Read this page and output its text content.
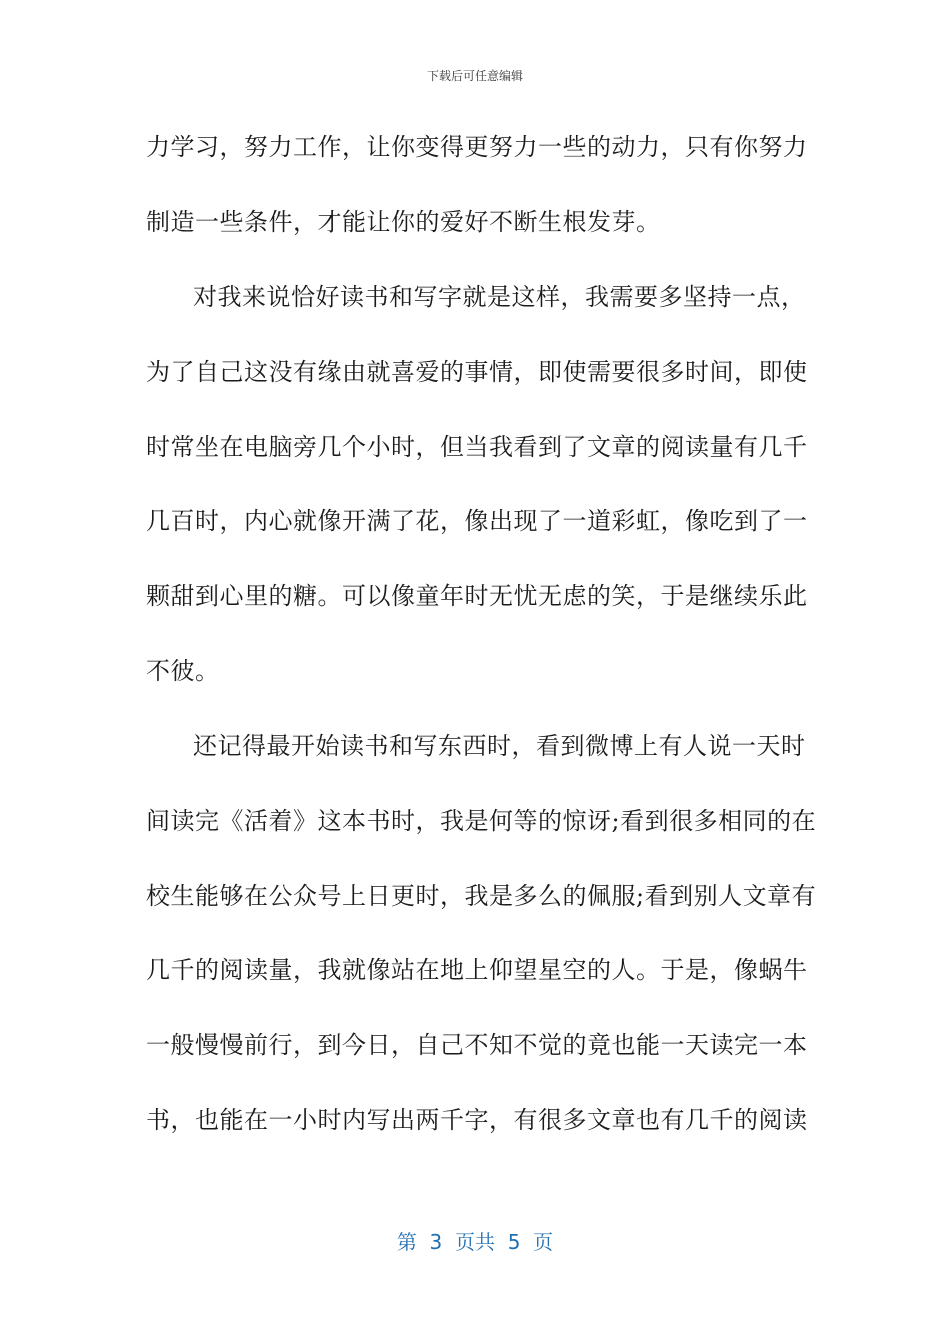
下载后可任意编辑
力学习，努力工作，让你变得更努力一些的动力，只有你努力
制造一些条件，才能让你的爱好不断生根发芽。
对我来说恰好读书和写字就是这样，我需要多坚持一点，
为了自己这没有缘由就喜爱的事情，即使需要很多时间，即使
时常坐在电脑旁几个小时，但当我看到了文章的阅读量有几千
几百时，内心就像开满了花，像出现了一道彩虹，像吃到了一
颗甜到心里的糖。可以像童年时无忧无虑的笑，于是继续乐此
不彼。
还记得最开始读书和写东西时，看到微博上有人说一天时
间读完《活着》这本书时，我是何等的惊讶;看到很多相同的在
校生能够在公众号上日更时，我是多么的佩服;看到别人文章有
几千的阅读量，我就像站在地上仰望星空的人。于是，像蜗牛
一般慢慢前行，到今日，自己不知不觉的竟也能一天读完一本
书，也能在一小时内写出两千字，有很多文章也有几千的阅读
第  3  页共  5  页
